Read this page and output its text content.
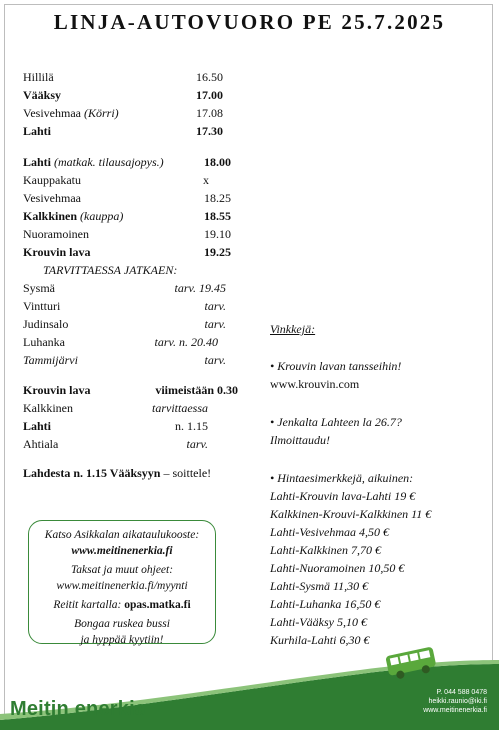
LINJA-AUTOVUORO PE 25.7.2025
Hillilä	16.50
Vääksy	17.00
Vesivehmaa (Körri)	17.08
Lahti	17.30
Lahti (matkak. tilausajopys.)	18.00
Kauppakatu	x
Vesivehmaa	18.25
Kalkkinen (kauppa)	18.55
Nuoramoinen	19.10
Krouvin lava	19.25
TARVITTAESSA JATKAEN:
Sysmä	tarv. 19.45
Vintturi	tarv.
Judinsalo	tarv.
Luhanka	tarv. n. 20.40
Tammijärvi	tarv.
Krouvin lava	viimeistään 0.30
Kalkkinen	tarvittaessa
Lahti	n. 1.15
Ahtiala	tarv.
Lahdesta n. 1.15 Vääksyyn – soittele!
Katso Asikkalan aikataulukooste:
www.meitinenerkia.fi
Taksat ja muut ohjeet:
www.meitinenerkia.fi/myynti
Reitit kartalla: opas.matka.fi
Bongaa ruskea bussi
ja hyppää kyytiin!
Vinkkejä:
• Krouvin lavan tansseihin!
www.krouvin.com
• Jenkalta Lahteen la 26.7?
Ilmoittaudu!
• Hintaesimerkkejä, aikuinen:
Lahti-Krouvin lava-Lahti 19 €
Kalkkinen-Krouvi-Kalkkinen 11 €
Lahti-Vesivehmaa 4,50 €
Lahti-Kalkkinen 7,70 €
Lahti-Nuoramoinen 10,50 €
Lahti-Sysmä 11,30 €
Lahti-Luhanka 16,50 €
Lahti-Vääksy 5,10 €
Kurhila-Lahti 6,30 €
Meitin enerkia
P. 044 588 0478
heikki.raunio@iki.fi
www.meitinenerkia.fi
